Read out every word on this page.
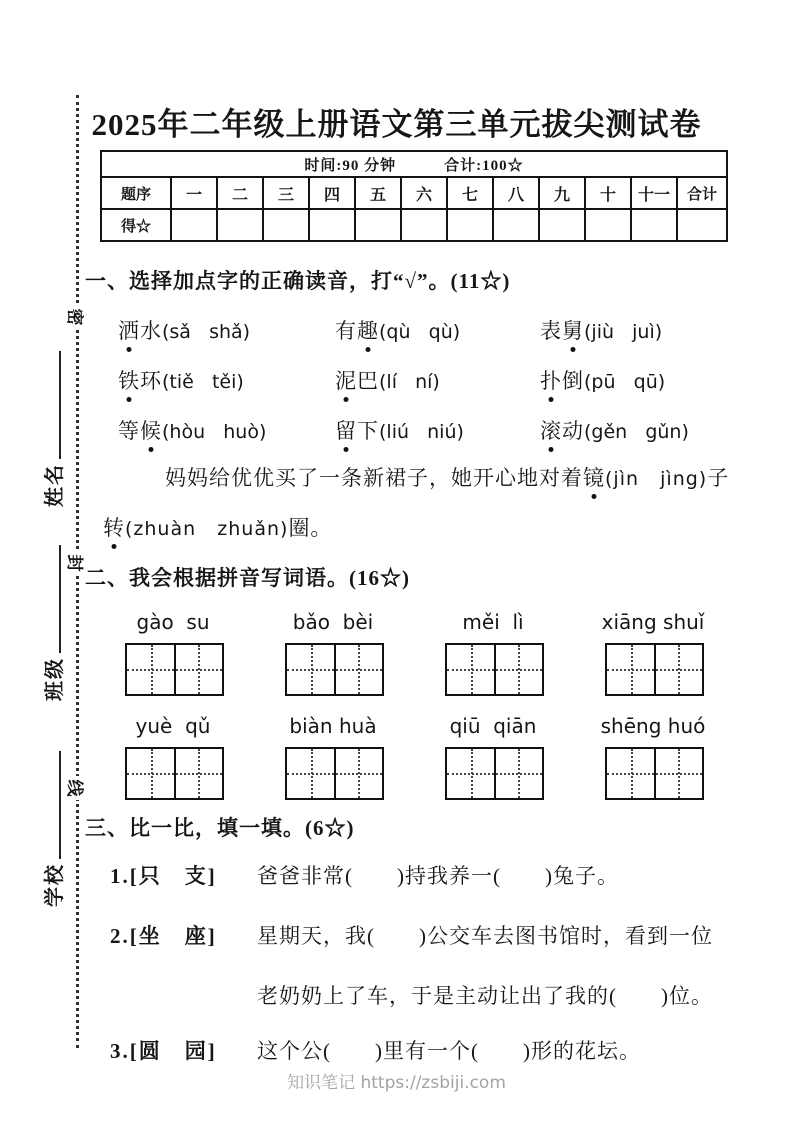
密
封
线
姓名
班级
学校
2025年二年级上册语文第三单元拔尖测试卷
时间:90 分钟　　　合计:100☆												
题序	一	二	三	四	五	六	七	八	九	十	十一	合计
得☆												
一、选择加点字的正确读音，打“√”。(11☆)
洒水(sǎ   shǎ)	有趣(qù   qù)	表舅(jiù   juì)
铁环(tiě   těi)	泥巴(lí   ní)	扑倒(pū   qū)
等候(hòu   huò)	留下(liú   niú)	滚动(gěn   gǔn)
妈妈给优优买了一条新裙子，她开心地对着镜(jìn   jìng)子
转(zhuàn   zhuǎn)圈。
二、我会根据拼音写词语。(16☆)
gào  su	bǎo  bèi	měi  lì	xiāng shuǐ
yuè  qǔ	biàn huà	qiū  qiān	shēng huó
三、比一比，填一填。(6☆)
1.[只　支] 爸爸非常(　　)持我养一(　　)兔子。
2.[坐　座] 星期天，我(　　)公交车去图书馆时，看到一位
老奶奶上了车，于是主动让出了我的(　　)位。
3.[圆　园] 这个公(　　)里有一个(　　)形的花坛。
知识笔记 https://zsbiji.com
